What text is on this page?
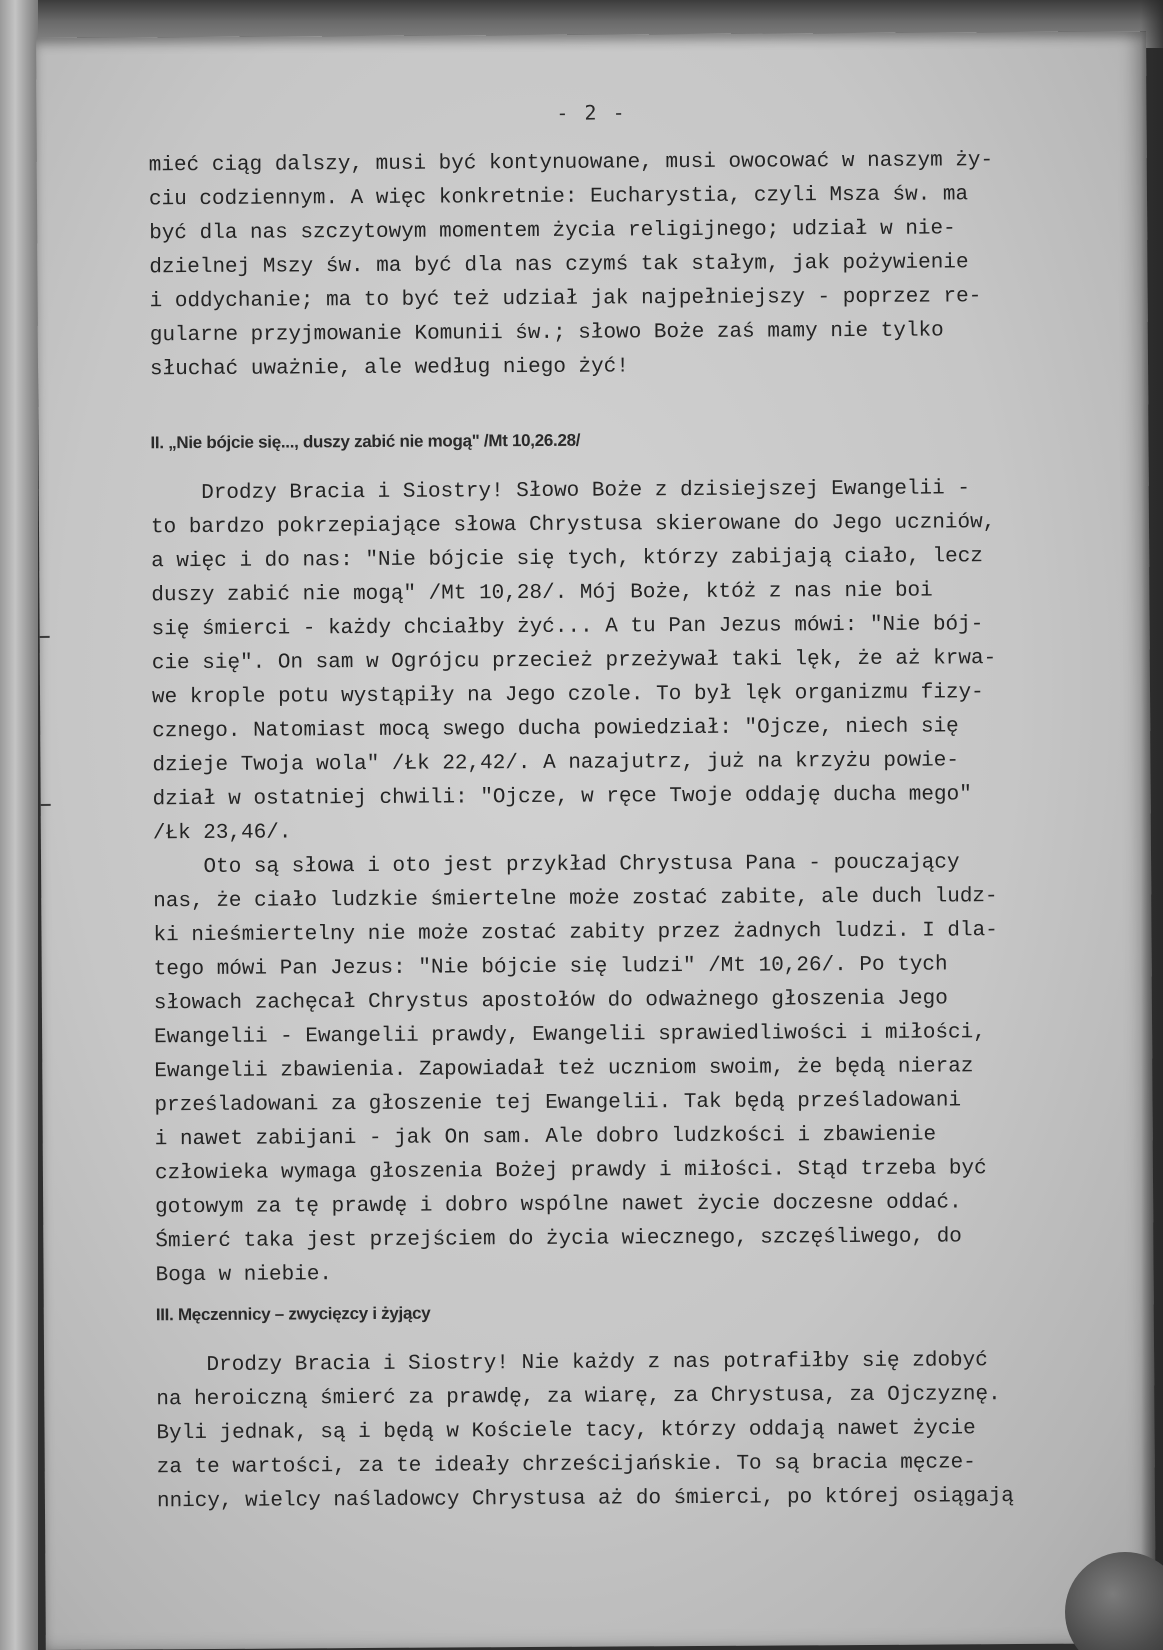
- 2 -

mieć ciąg dalszy, musi być kontynuowane, musi owocować w naszym ży-
ciu codziennym. A więc konkretnie: Eucharystia, czyli Msza św. ma
być dla nas szczytowym momentem życia religijnego; udział w nie-
dzielnej Mszy św. ma być dla nas czymś tak stałym, jak pożywienie
i oddychanie; ma to być też udział jak najpełniejszy - poprzez re-
gularne przyjmowanie Komunii św.; słowo Boże zaś mamy nie tylko
słuchać uważnie, ale według niego żyć!

II. „Nie bójcie się..., duszy zabić nie mogą" /Mt 10,26.28/

Drodzy Bracia i Siostry! Słowo Boże z dzisiejszej Ewangelii -
to bardzo pokrzepiające słowa Chrystusa skierowane do Jego uczniów,
a więc i do nas: "Nie bójcie się tych, którzy zabijają ciało, lecz
duszy zabić nie mogą" /Mt 10,28/. Mój Boże, któż z nas nie boi
się śmierci - każdy chciałby żyć... A tu Pan Jezus mówi: "Nie bój-
cie się". On sam w Ogrójcu przecież przeżywał taki lęk, że aż krwa-
we krople potu wystąpiły na Jego czole. To był lęk organizmu fizy-
cznego. Natomiast mocą swego ducha powiedział: "Ojcze, niech się
dzieje Twoja wola" /Łk 22,42/. A nazajutrz, już na krzyżu powie-
dział w ostatniej chwili: "Ojcze, w ręce Twoje oddaję ducha mego"
/Łk 23,46/.
Oto są słowa i oto jest przykład Chrystusa Pana - pouczający
nas, że ciało ludzkie śmiertelne może zostać zabite, ale duch ludz-
ki nieśmiertelny nie może zostać zabity przez żadnych ludzi. I dla-
tego mówi Pan Jezus: "Nie bójcie się ludzi" /Mt 10,26/. Po tych
słowach zachęcał Chrystus apostołów do odważnego głoszenia Jego
Ewangelii - Ewangelii prawdy, Ewangelii sprawiedliwości i miłości,
Ewangelii zbawienia. Zapowiadał też uczniom swoim, że będą nieraz
prześladowani za głoszenie tej Ewangelii. Tak będą prześladowani
i nawet zabijani - jak On sam. Ale dobro ludzkości i zbawienie
człowieka wymaga głoszenia Bożej prawdy i miłości. Stąd trzeba być
gotowym za tę prawdę i dobro wspólne nawet życie doczesne oddać.
Śmierć taka jest przejściem do życia wiecznego, szczęśliwego, do
Boga w niebie.

III. Męczennicy – zwycięzcy i żyjący

Drodzy Bracia i Siostry! Nie każdy z nas potrafiłby się zdobyć
na heroiczną śmierć za prawdę, za wiarę, za Chrystusa, za Ojczyznę.
Byli jednak, są i będą w Kościele tacy, którzy oddają nawet życie
za te wartości, za te ideały chrześcijańskie. To są bracia męcze-
nnicy, wielcy naśladowcy Chrystusa aż do śmierci, po której osiągają
